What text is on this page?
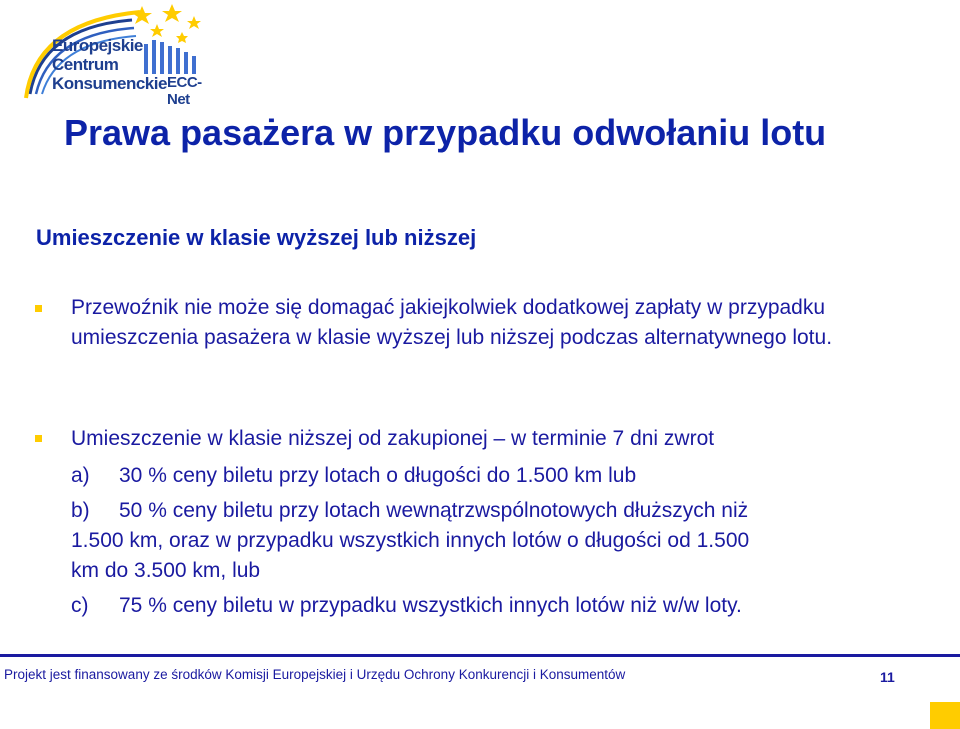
Europejskie
Centrum
Konsumenckie ECC-Net
Prawa pasażera w przypadku odwołaniu lotu
Umieszczenie w klasie wyższej lub niższej
Przewoźnik nie może się domagać jakiejkolwiek dodatkowej zapłaty w przypadku umieszczenia pasażera w klasie wyższej lub niższej podczas alternatywnego lotu.
Umieszczenie w klasie niższej od zakupionej – w terminie 7 dni zwrot
a) 30 % ceny biletu przy lotach o długości do 1.500 km lub
b) 50 % ceny biletu przy lotach wewnątrzwspólnotowych dłuższych niż
1.500 km, oraz w przypadku wszystkich innych lotów o długości od 1.500
km do 3.500 km, lub
c) 75 % ceny biletu w przypadku wszystkich innych lotów niż w/w loty.
Projekt jest finansowany ze środków Komisji Europejskiej i Urzędu Ochrony Konkurencji i Konsumentów	11
